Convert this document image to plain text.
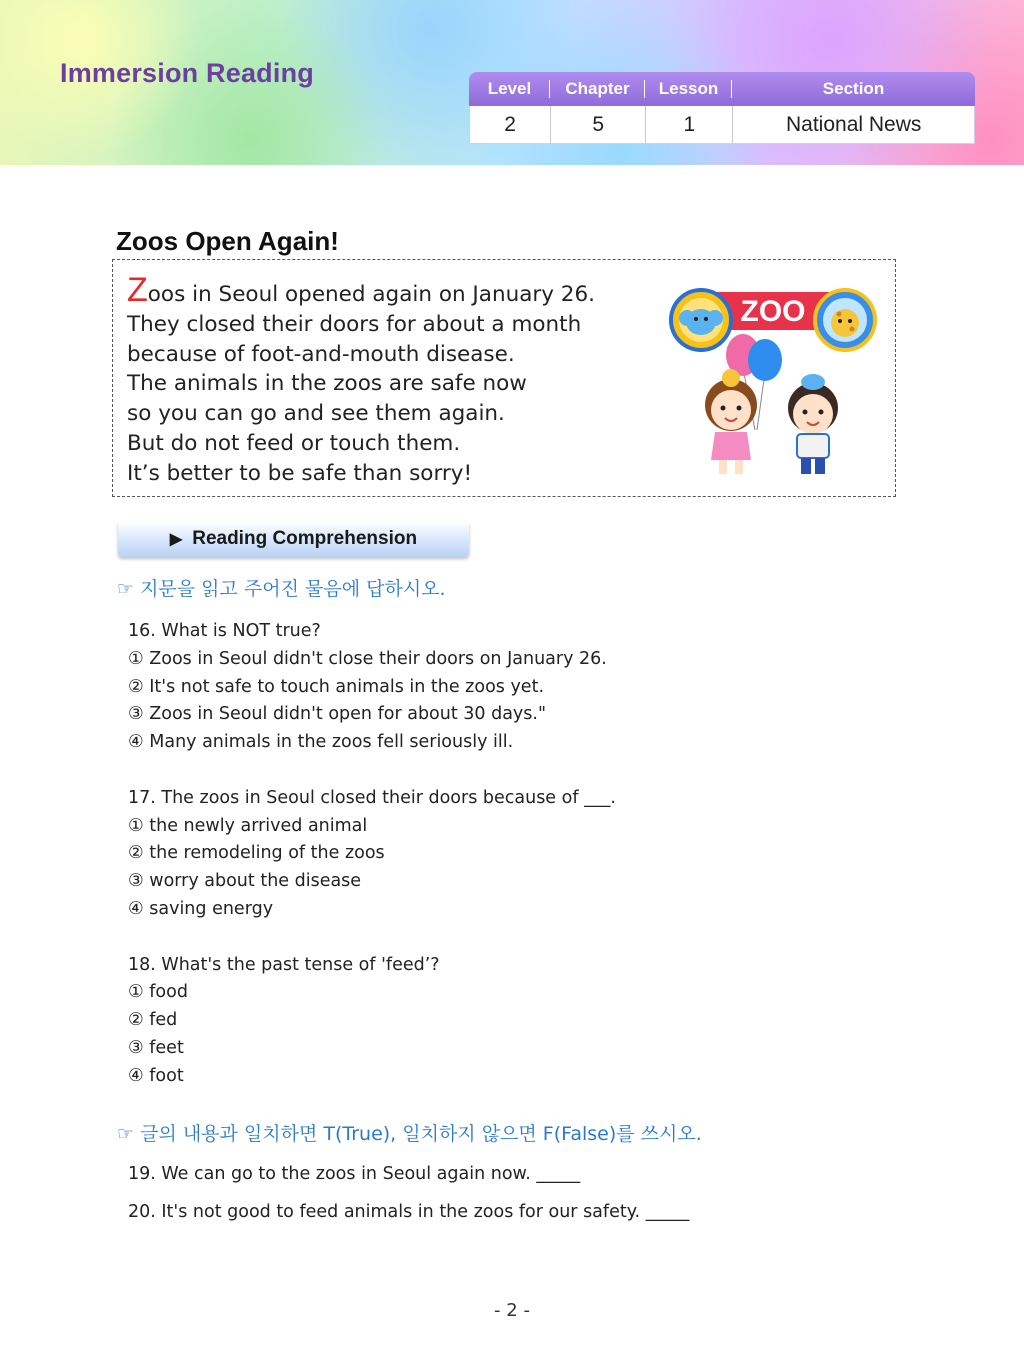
Immersion Reading
Level	Chapter	Lesson	Section
2	5	1	National News
Zoos Open Again!
Zoos in Seoul opened again on January 26.
They closed their doors for about a month
because of foot-and-mouth disease.
The animals in the zoos are safe now
so you can go and see them again.
But do not feed or touch them.
It’s better to be safe than sorry!
ZOO
▶ Reading Comprehension
☞ 지문을 읽고 주어진 물음에 답하시오.
16. What is NOT true?
① Zoos in Seoul didn't close their doors on January 26.
② It's not safe to touch animals in the zoos yet.
③ Zoos in Seoul didn't open for about 30 days."
④ Many animals in the zoos fell seriously ill.
17. The zoos in Seoul closed their doors because of ___.
① the newly arrived animal
② the remodeling of the zoos
③ worry about the disease
④ saving energy
18. What's the past tense of 'feed’?
① food
② fed
③ feet
④ foot
☞ 글의 내용과 일치하면 T(True), 일치하지 않으면 F(False)를 쓰시오.
19. We can go to the zoos in Seoul again now. _____
20. It's not good to feed animals in the zoos for our safety. _____
- 2 -
